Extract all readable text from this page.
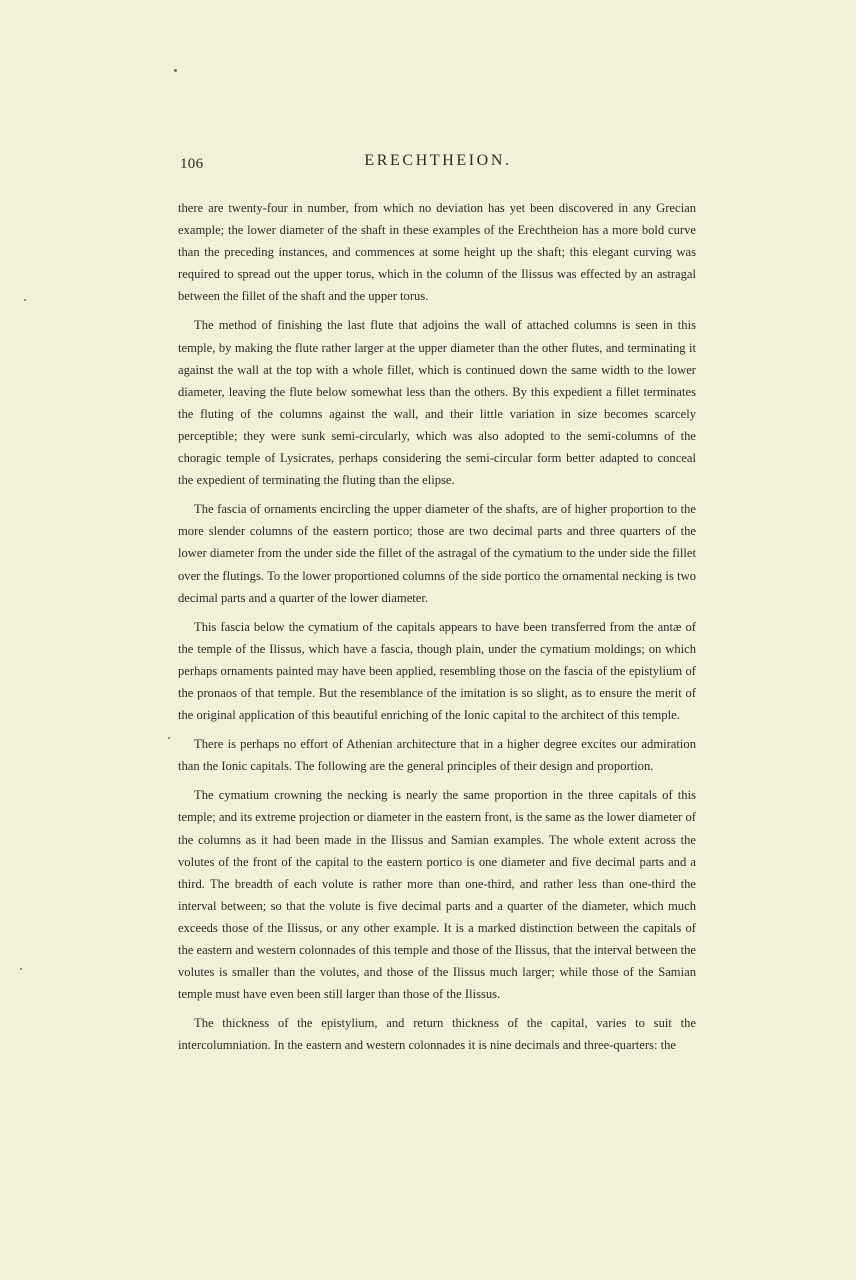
106	ERECHTHEION.

there are twenty-four in number, from which no deviation has yet been discovered in any Grecian example; the lower diameter of the shaft in these examples of the Erechtheion has a more bold curve than the preceding instances, and commences at some height up the shaft; this elegant curving was required to spread out the upper torus, which in the column of the Ilissus was effected by an astragal between the fillet of the shaft and the upper torus.

The method of finishing the last flute that adjoins the wall of attached columns is seen in this temple, by making the flute rather larger at the upper diameter than the other flutes, and terminating it against the wall at the top with a whole fillet, which is continued down the same width to the lower diameter, leaving the flute below somewhat less than the others. By this expedient a fillet terminates the fluting of the columns against the wall, and their little variation in size becomes scarcely perceptible; they were sunk semi-circularly, which was also adopted to the semi-columns of the choragic temple of Lysicrates, perhaps considering the semi-circular form better adapted to conceal the expedient of terminating the fluting than the elipse.

The fascia of ornaments encircling the upper diameter of the shafts, are of higher proportion to the more slender columns of the eastern portico; those are two decimal parts and three quarters of the lower diameter from the under side the fillet of the astragal of the cymatium to the under side the fillet over the flutings. To the lower proportioned columns of the side portico the ornamental necking is two decimal parts and a quarter of the lower diameter.

This fascia below the cymatium of the capitals appears to have been transferred from the antæ of the temple of the Ilissus, which have a fascia, though plain, under the cymatium moldings; on which perhaps ornaments painted may have been applied, resembling those on the fascia of the epistylium of the pronaos of that temple. But the resemblance of the imitation is so slight, as to ensure the merit of the original application of this beautiful enriching of the Ionic capital to the architect of this temple.

There is perhaps no effort of Athenian architecture that in a higher degree excites our admiration than the Ionic capitals. The following are the general principles of their design and proportion.

The cymatium crowning the necking is nearly the same proportion in the three capitals of this temple; and its extreme projection or diameter in the eastern front, is the same as the lower diameter of the columns as it had been made in the Ilissus and Samian examples. The whole extent across the volutes of the front of the capital to the eastern portico is one diameter and five decimal parts and a third. The breadth of each volute is rather more than one-third, and rather less than one-third the interval between; so that the volute is five decimal parts and a quarter of the diameter, which much exceeds those of the Ilissus, or any other example. It is a marked distinction between the capitals of the eastern and western colonnades of this temple and those of the Ilissus, that the interval between the volutes is smaller than the volutes, and those of the Ilissus much larger; while those of the Samian temple must have even been still larger than those of the Ilissus.

The thickness of the epistylium, and return thickness of the capital, varies to suit the intercolumniation. In the eastern and western colonnades it is nine decimals and three-quarters: the
